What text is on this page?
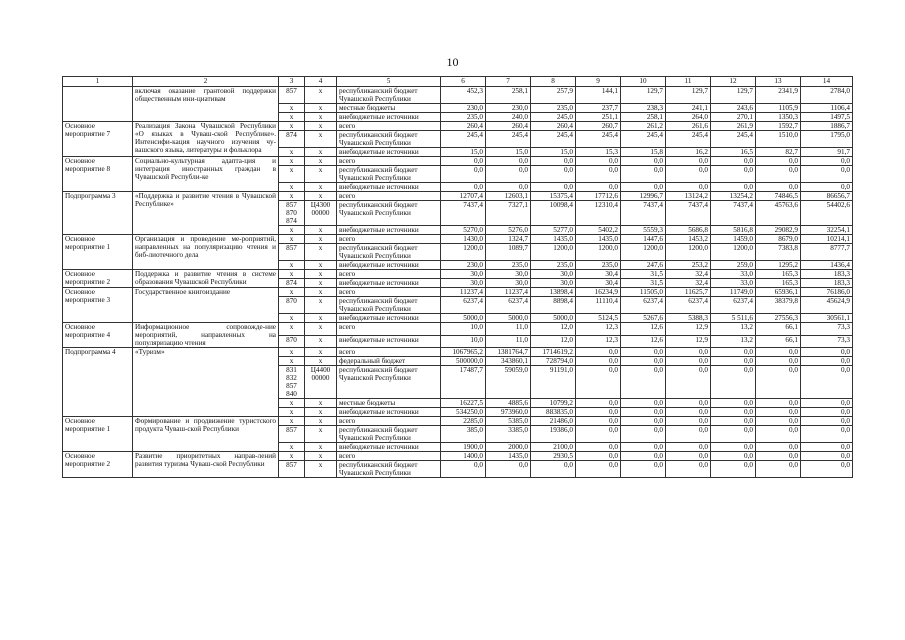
10
1	2	3	4	5	6	7	8	9	10	11	12	13	14
	включая оказание грантовой поддержки общественным ини-циативам	857	x	республиканский бюджет Чувашской Республики	452,3	258,1	257,9	144,1	129,7	129,7	129,7	2341,9	2784,0
		x	x	местные бюджеты	230,0	230,0	235,0	237,7	238,3	241,1	243,6	1105,9	1106,4
		x	x	внебюджетные источники	235,0	240,0	245,0	251,1	258,1	264,0	270,1	1350,3	1497,5
Основное мероприятие 7	Реализация Закона Чувашской Республики «О языках в Чуваш-ской Республике». Интенсифи-кация научного изучения чу-вашского языка, литературы и фольклора	x	x	всего	260,4	260,4	260,4	260,7	261,2	261,6	261,9	1592,7	1886,7
		874	x	республиканский бюджет Чувашской Республики	245,4	245,4	245,4	245,4	245,4	245,4	245,4	1510,0	1795,0
		x	x	внебюджетные источники	15,0	15,0	15,0	15,3	15,8	16,2	16,5	82,7	91,7
Основное мероприятие 8	Социально-культурная адапта-ция и интеграция иностранных граждан в Чувашской Республи-ке	x	x	всего	0,0	0,0	0,0	0,0	0,0	0,0	0,0	0,0	0,0
		x	x	республиканский бюджет Чувашской Республики	0,0	0,0	0,0	0,0	0,0	0,0	0,0	0,0	0,0
		x	x	внебюджетные источники	0,0	0,0	0,0	0,0	0,0	0,0	0,0	0,0	0,0
Подпрограмма 3	«Поддержка и развитие чтения в Чувашской Республике»	x	x	всего	12707,4	12603,1	15375,4	17712,6	12996,7	13124,2	13254,2	74846,5	86656,7
		857 870 874	Ц4300 00000	республиканский бюджет Чувашской Республики	7437,4	7327,1	10098,4	12310,4	7437,4	7437,4	7437,4	45763,6	54402,6
		x	x	внебюджетные источники	5270,0	5276,0	5277,0	5402,2	5559,3	5686,8	5816,8	29082,9	32254,1
Основное мероприятие 1	Организация и проведение ме-роприятий, направленных на популяризацию чтения и биб-лиотечного дела	x	x	всего	1430,0	1324,7	1435,0	1435,0	1447,6	1453,2	1459,0	8679,0	10214,1
		857	x	республиканский бюджет Чувашской Республики	1200,0	1089,7	1200,0	1200,0	1200,0	1200,0	1200,0	7383,8	8777,7
		x	x	внебюджетные источники	230,0	235,0	235,0	235,0	247,6	253,2	259,0	1295,2	1436,4
Основное мероприятие 2	Поддержка и развитие чтения в системе образования Чувашской Республики	x	x	всего	30,0	30,0	30,0	30,4	31,5	32,4	33,0	165,3	183,3
		874	x	внебюджетные источники	30,0	30,0	30,0	30,4	31,5	32,4	33,0	165,3	183,3
Основное мероприятие 3	Государственное книгоиздание	x	x	всего	11237,4	11237,4	13898,4	16234,9	11505,0	11625,7	11749,0	65936,1	76186,0
		870	x	республиканский бюджет Чувашской Республики	6237,4	6237,4	8898,4	11110,4	6237,4	6237,4	6237,4	38379,8	45624,9
		x	x	внебюджетные источники	5000,0	5000,0	5000,0	5124,5	5267,6	5388,3	5 511,6	27556,3	30561,1
Основное мероприятие 4	Информационное сопровожде-ние мероприятий, направленных на популяризацию чтения	x	x	всего	10,0	11,0	12,0	12,3	12,6	12,9	13,2	66,1	73,3
		870	x	внебюджетные источники	10,0	11,0	12,0	12,3	12,6	12,9	13,2	66,1	73,3
Подпрограмма 4	«Туризм»	x	x	всего	1067965,2	1381764,7	1714619,2	0,0	0,0	0,0	0,0	0,0	0,0
		x	x	федеральный бюджет	500000,0	343860,1	728794,0	0,0	0,0	0,0	0,0	0,0	0,0
		831 832 857 840	Ц4400 00000	республиканский бюджет Чувашской Республики	17487,7	59059,0	91191,0	0,0	0,0	0,0	0,0	0,0	0,0
		x	x	местные бюджеты	16227,5	4885,6	10799,2	0,0	0,0	0,0	0,0	0,0	0,0
		x	x	внебюджетные источники	534250,0	973960,0	883835,0	0,0	0,0	0,0	0,0	0,0	0,0
Основное мероприятие 1	Формирование и продвижение туристского продукта Чуваш-ской Республики	x	x	всего	2285,0	5385,0	21486,0	0,0	0,0	0,0	0,0	0,0	0,0
		857	x	республиканский бюджет Чувашской Республики	385,0	3385,0	19386,0	0,0	0,0	0,0	0,0	0,0	0,0
		x	x	внебюджетные источники	1900,0	2000,0	2100,0	0,0	0,0	0,0	0,0	0,0	0,0
Основное мероприятие 2	Развитие приоритетных направ-лений развития туризма Чуваш-ской Республики	x	x	всего	1400,0	1435,0	2930,5	0,0	0,0	0,0	0,0	0,0	0,0
		857	x	республиканский бюджет Чувашской Республики	0,0	0,0	0,0	0,0	0,0	0,0	0,0	0,0	0,0
